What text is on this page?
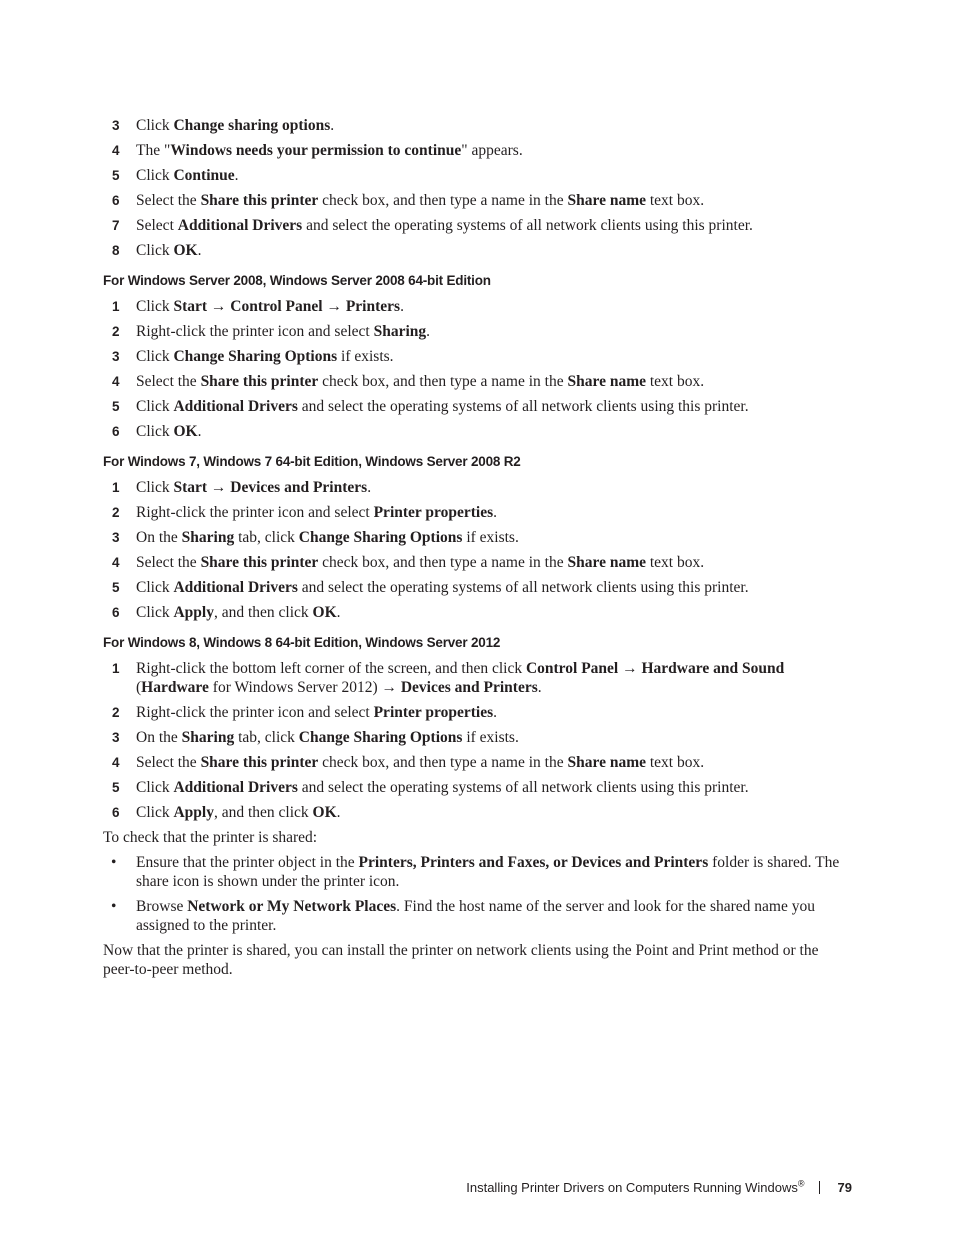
3 Click Change sharing options.
4 The "Windows needs your permission to continue" appears.
5 Click Continue.
6 Select the Share this printer check box, and then type a name in the Share name text box.
7 Select Additional Drivers and select the operating systems of all network clients using this printer.
8 Click OK.
For Windows Server 2008, Windows Server 2008 64-bit Edition
1 Click Start → Control Panel → Printers.
2 Right-click the printer icon and select Sharing.
3 Click Change Sharing Options if exists.
4 Select the Share this printer check box, and then type a name in the Share name text box.
5 Click Additional Drivers and select the operating systems of all network clients using this printer.
6 Click OK.
For Windows 7, Windows 7 64-bit Edition, Windows Server 2008 R2
1 Click Start → Devices and Printers.
2 Right-click the printer icon and select Printer properties.
3 On the Sharing tab, click Change Sharing Options if exists.
4 Select the Share this printer check box, and then type a name in the Share name text box.
5 Click Additional Drivers and select the operating systems of all network clients using this printer.
6 Click Apply, and then click OK.
For Windows 8, Windows 8 64-bit Edition, Windows Server 2012
1 Right-click the bottom left corner of the screen, and then click Control Panel → Hardware and Sound (Hardware for Windows Server 2012) → Devices and Printers.
2 Right-click the printer icon and select Printer properties.
3 On the Sharing tab, click Change Sharing Options if exists.
4 Select the Share this printer check box, and then type a name in the Share name text box.
5 Click Additional Drivers and select the operating systems of all network clients using this printer.
6 Click Apply, and then click OK.

To check that the printer is shared:

• Ensure that the printer object in the Printers, Printers and Faxes, or Devices and Printers folder is shared. The share icon is shown under the printer icon.
• Browse Network or My Network Places. Find the host name of the server and look for the shared name you assigned to the printer.

Now that the printer is shared, you can install the printer on network clients using the Point and Print method or the peer-to-peer method.

Installing Printer Drivers on Computers Running Windows®	79
